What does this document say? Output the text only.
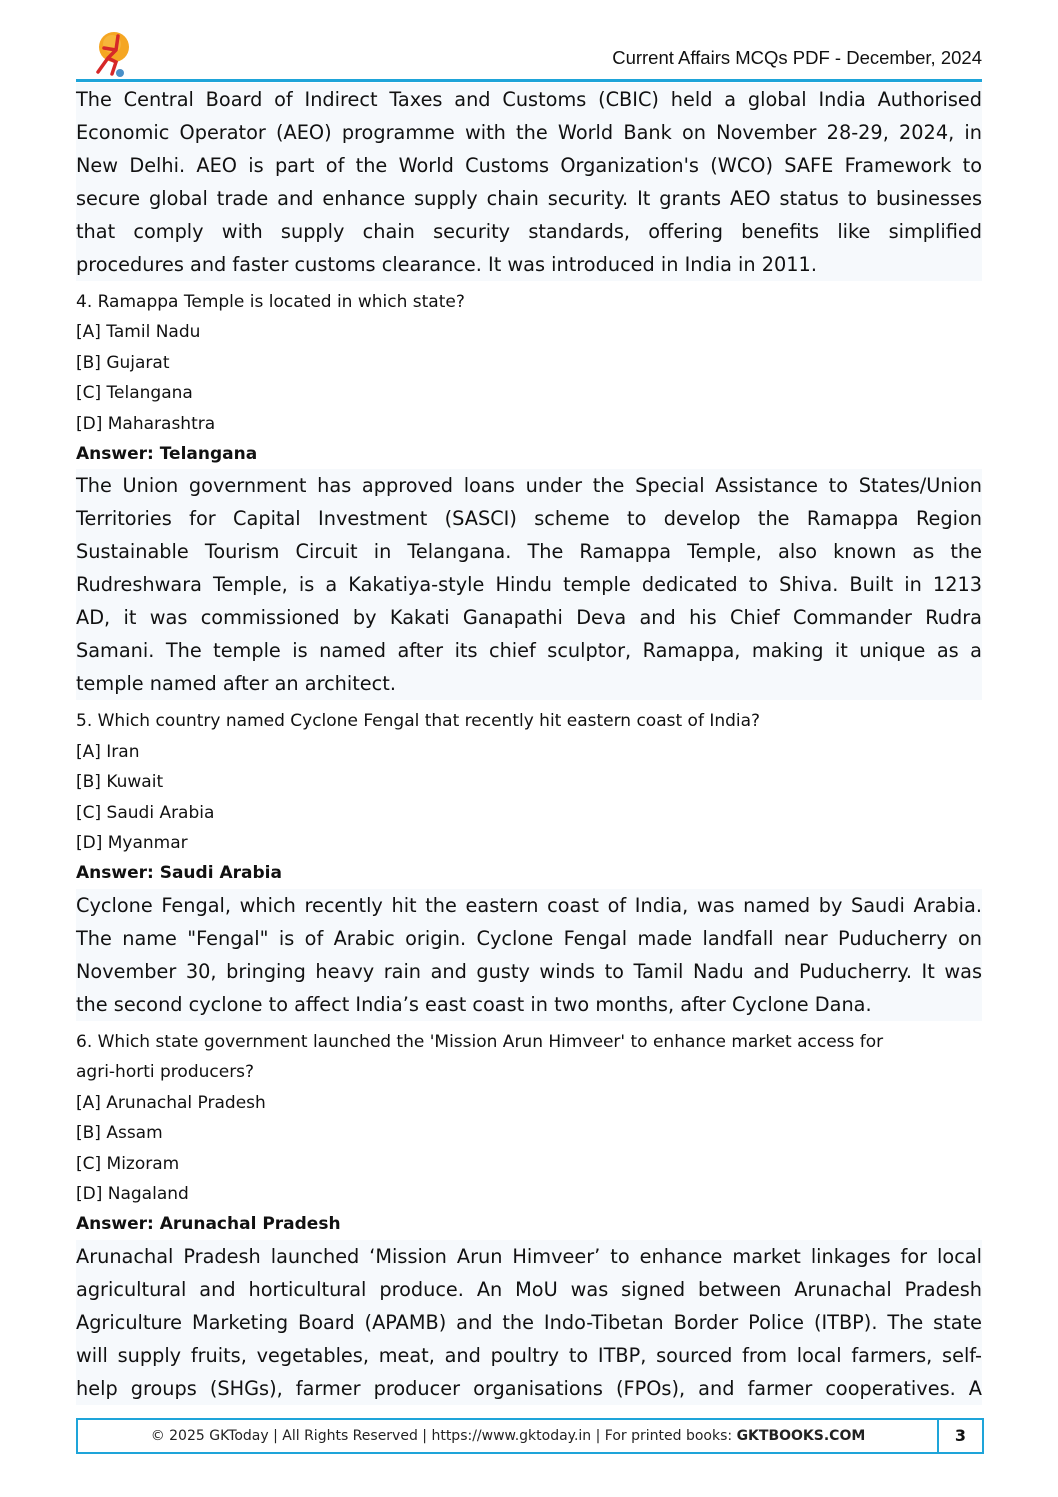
Current Affairs MCQs PDF - December, 2024
The Central Board of Indirect Taxes and Customs (CBIC) held a global India Authorised
Economic Operator (AEO) programme with the World Bank on November 28-29, 2024, in
New Delhi. AEO is part of the World Customs Organization's (WCO) SAFE Framework to
secure global trade and enhance supply chain security. It grants AEO status to businesses
that comply with supply chain security standards, offering benefits like simplified
procedures and faster customs clearance. It was introduced in India in 2011.
4. Ramappa Temple is located in which state?
[A] Tamil Nadu
[B] Gujarat
[C] Telangana
[D] Maharashtra
Answer: Telangana
The Union government has approved loans under the Special Assistance to States/Union
Territories for Capital Investment (SASCI) scheme to develop the Ramappa Region
Sustainable Tourism Circuit in Telangana. The Ramappa Temple, also known as the
Rudreshwara Temple, is a Kakatiya-style Hindu temple dedicated to Shiva. Built in 1213
AD, it was commissioned by Kakati Ganapathi Deva and his Chief Commander Rudra
Samani. The temple is named after its chief sculptor, Ramappa, making it unique as a
temple named after an architect.
5. Which country named Cyclone Fengal that recently hit eastern coast of India?
[A] Iran
[B] Kuwait
[C] Saudi Arabia
[D] Myanmar
Answer: Saudi Arabia
Cyclone Fengal, which recently hit the eastern coast of India, was named by Saudi Arabia.
The name "Fengal" is of Arabic origin. Cyclone Fengal made landfall near Puducherry on
November 30, bringing heavy rain and gusty winds to Tamil Nadu and Puducherry. It was
the second cyclone to affect India’s east coast in two months, after Cyclone Dana.
6. Which state government launched the 'Mission Arun Himveer' to enhance market access for
agri-horti producers?
[A] Arunachal Pradesh
[B] Assam
[C] Mizoram
[D] Nagaland
Answer: Arunachal Pradesh
Arunachal Pradesh launched ‘Mission Arun Himveer’ to enhance market linkages for local
agricultural and horticultural produce. An MoU was signed between Arunachal Pradesh
Agriculture Marketing Board (APAMB) and the Indo-Tibetan Border Police (ITBP). The state
will supply fruits, vegetables, meat, and poultry to ITBP, sourced from local farmers, self-
help groups (SHGs), farmer producer organisations (FPOs), and farmer cooperatives. A
© 2025 GKToday | All Rights Reserved | https://www.gktoday.in | For printed books: GKTBOOKS.COM	3
